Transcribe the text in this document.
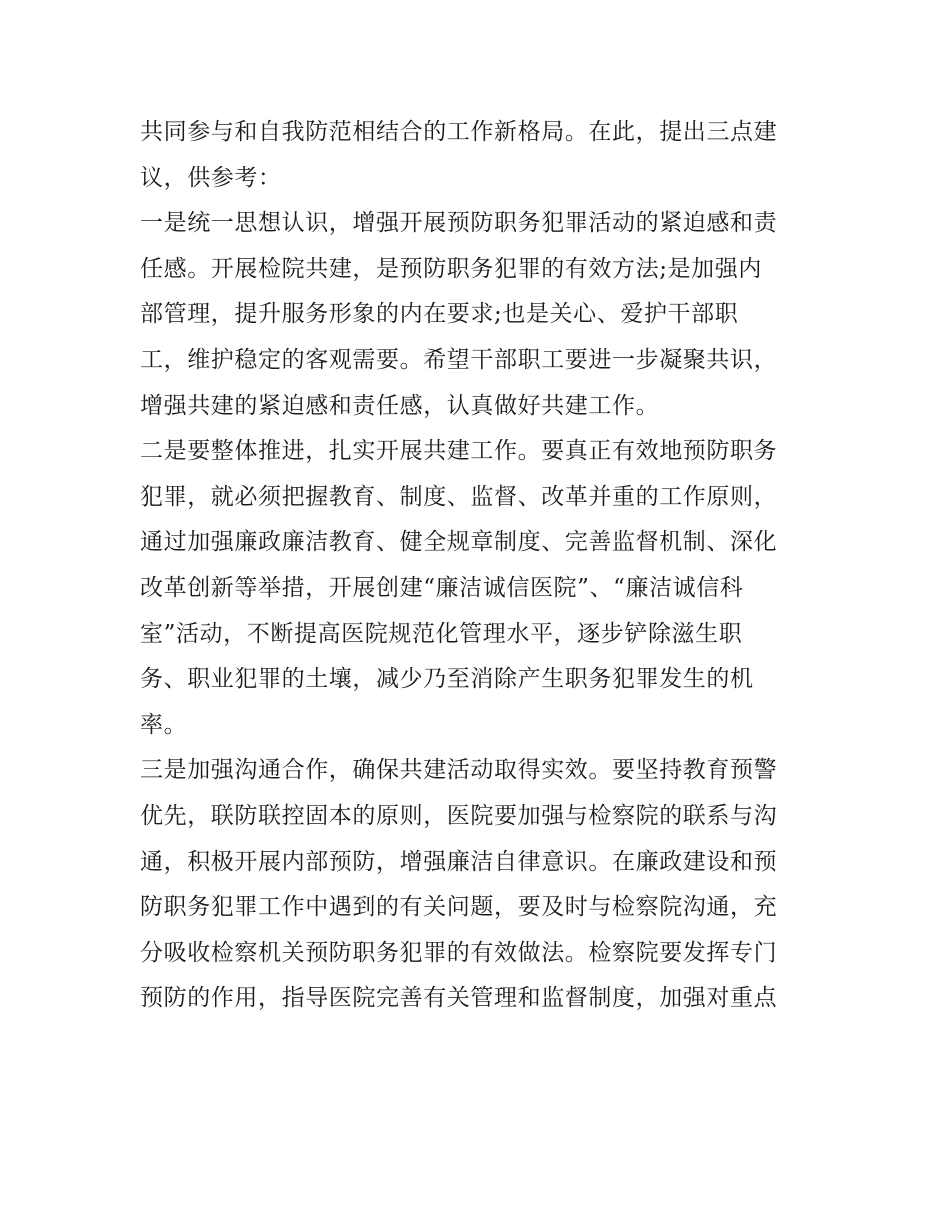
共同参与和自我防范相结合的工作新格局。在此，提出三点建
议，供参考：
一是统一思想认识，增强开展预防职务犯罪活动的紧迫感和责
任感。开展检院共建，是预防职务犯罪的有效方法;是加强内
部管理，提升服务形象的内在要求;也是关心、爱护干部职
工，维护稳定的客观需要。希望干部职工要进一步凝聚共识，
增强共建的紧迫感和责任感，认真做好共建工作。
二是要整体推进，扎实开展共建工作。要真正有效地预防职务
犯罪，就必须把握教育、制度、监督、改革并重的工作原则，
通过加强廉政廉洁教育、健全规章制度、完善监督机制、深化
改革创新等举措，开展创建“廉洁诚信医院”、“廉洁诚信科
室”活动，不断提高医院规范化管理水平，逐步铲除滋生职
务、职业犯罪的土壤，减少乃至消除产生职务犯罪发生的机
率。
三是加强沟通合作，确保共建活动取得实效。要坚持教育预警
优先，联防联控固本的原则，医院要加强与检察院的联系与沟
通，积极开展内部预防，增强廉洁自律意识。在廉政建设和预
防职务犯罪工作中遇到的有关问题，要及时与检察院沟通，充
分吸收检察机关预防职务犯罪的有效做法。检察院要发挥专门
预防的作用，指导医院完善有关管理和监督制度，加强对重点
